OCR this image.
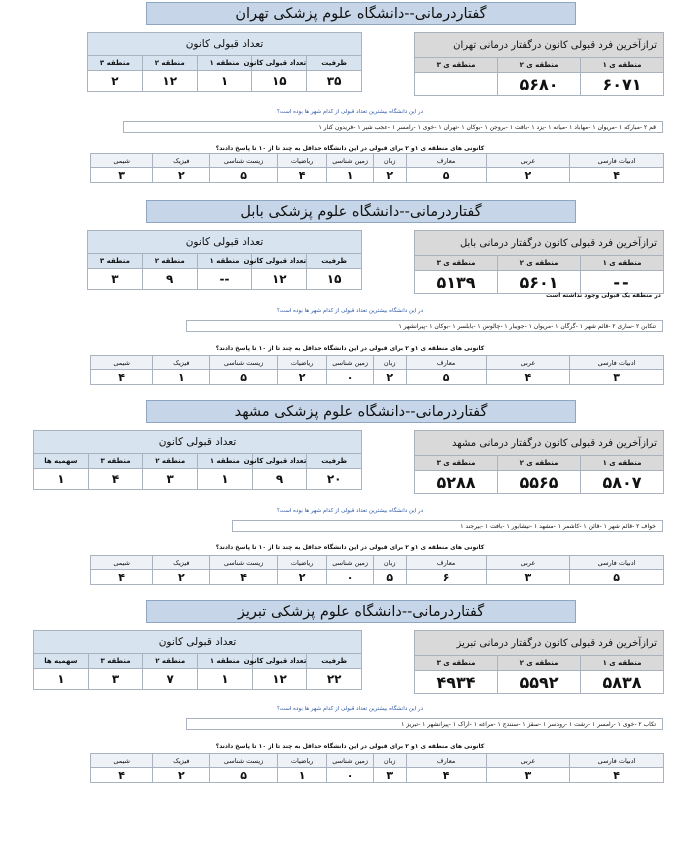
گفتاردرمانی--دانشگاه علوم پزشکی تهران
ترازآخرین فرد قبولی کانون درگفتار درمانی تهران		
منطقه ی ۱	منطقه ی ۲	منطقه ی ۳
۶۰۷۱	۵۶۸۰	
تعداد قبولی کانون				
ظرفیت	تعداد قبولی کانون	منطقه ۱	منطقه ۲	منطقه ۳
۳۵	۱۵	۱	۱۲	۲
در این دانشگاه بیشترین تعداد قبولی از کدام شهر ها بوده است؟
قم ۲ -مبارکه ۱ -مریوان ۱ -مهاباد ۱ -میانه ۱ -یزد ۱ -بافت ۱ -بروجن ۱ -بوکان ۱ -تهران ۱ -خوی ۱ -رامسر ۱ -عجب شیر ۱ -فریدون کنار ۱
کانونی های منطقه ی ۱و ۲ برای قبولی در این دانشگاه حداقل به چند تا از ۱۰ تا پاسخ دادند؟
ادبیات فارسی	عربی	معارف	زبان	زمین شناسی	ریاضیات	زیست شناسی	فیزیک	شیمی
۴	۲	۵	۲	۱	۴	۵	۲	۳
گفتاردرمانی--دانشگاه علوم پزشکی بابل
ترازآخرین فرد قبولی کانون درگفتار درمانی بابل		
منطقه ی ۱	منطقه ی ۲	منطقه ی ۳
--	۵۶۰۱	۵۱۳۹
در منطقه یک قبولی وجود نداشته است
تعداد قبولی کانون				
ظرفیت	تعداد قبولی کانون	منطقه ۱	منطقه ۲	منطقه ۳
۱۵	۱۲	--	۹	۳
در این دانشگاه بیشترین تعداد قبولی از کدام شهر ها بوده است؟
تنکابن ۲ -ساری ۲ -قائم شهر ۱ -گرگان ۱ -مریوان ۱ -جویبار ۱ -چالوس ۱ -بابلسر ۱ -بوکان ۱ -پیرانشهر ۱
کانونی های منطقه ی ۱و ۲ برای قبولی در این دانشگاه حداقل به چند تا از ۱۰ تا پاسخ دادند؟
ادبیات فارسی	عربی	معارف	زبان	زمین شناسی	ریاضیات	زیست شناسی	فیزیک	شیمی
۳	۴	۵	۲	۰	۲	۵	۱	۴
گفتاردرمانی--دانشگاه علوم پزشکی مشهد
ترازآخرین فرد قبولی کانون درگفتار درمانی مشهد		
منطقه ی ۱	منطقه ی ۲	منطقه ی ۳
۵۸۰۷	۵۵۶۵	۵۲۸۸
تعداد قبولی کانون					
ظرفیت	تعداد قبولی کانون	منطقه ۱	منطقه ۲	منطقه ۳	سهمیه ها
۲۰	۹	۱	۳	۴	۱
در این دانشگاه بیشترین تعداد قبولی از کدام شهر ها بوده است؟
خواف ۲ -قائم شهر ۱ -قائن ۱ -کاشمر ۱ -مشهد ۱ -نیشابور ۱ -بافت ۱ -بیرجند ۱
کانونی های منطقه ی ۱و ۲ برای قبولی در این دانشگاه حداقل به چند تا از ۱۰ تا پاسخ دادند؟
ادبیات فارسی	عربی	معارف	زبان	زمین شناسی	ریاضیات	زیست شناسی	فیزیک	شیمی
۵	۳	۶	۵	۰	۲	۴	۲	۴
گفتاردرمانی--دانشگاه علوم پزشکی تبریز
ترازآخرین فرد قبولی کانون درگفتار درمانی تبریز		
منطقه ی ۱	منطقه ی ۲	منطقه ی ۳
۵۸۳۸	۵۵۹۲	۴۹۳۴
تعداد قبولی کانون					
ظرفیت	تعداد قبولی کانون	منطقه ۱	منطقه ۲	منطقه ۳	سهمیه ها
۲۲	۱۲	۱	۷	۳	۱
در این دانشگاه بیشترین تعداد قبولی از کدام شهر ها بوده است؟
تکاب ۲ -خوی ۱ -رامسر ۱ -رشت ۱ -رودسر ۱ -سقز ۱ -سنندج ۱ -مراغه ۱ -اراک ۱ -پیرانشهر ۱ -تبریز ۱
کانونی های منطقه ی ۱و ۲ برای قبولی در این دانشگاه حداقل به چند تا از ۱۰ تا پاسخ دادند؟
ادبیات فارسی	عربی	معارف	زبان	زمین شناسی	ریاضیات	زیست شناسی	فیزیک	شیمی
۴	۳	۴	۳	۰	۱	۵	۲	۴
